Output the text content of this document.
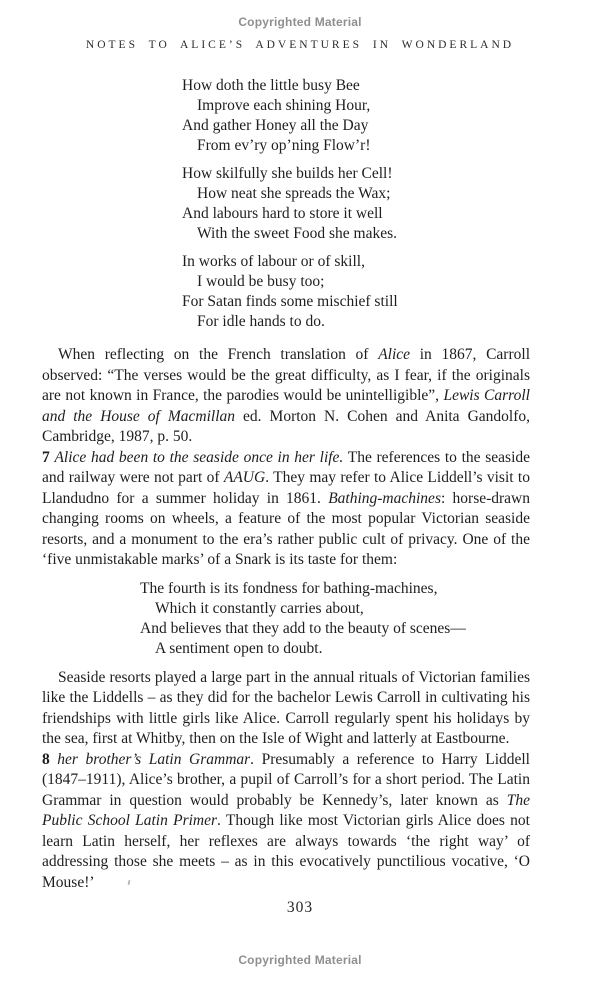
Copyrighted Material
NOTES TO ALICE’S ADVENTURES IN WONDERLAND
How doth the little busy Bee
Improve each shining Hour,
And gather Honey all the Day
From ev’ry op’ning Flow’r!
How skilfully she builds her Cell!
How neat she spreads the Wax;
And labours hard to store it well
With the sweet Food she makes.
In works of labour or of skill,
I would be busy too;
For Satan finds some mischief still
For idle hands to do.

When reflecting on the French translation of Alice in 1867, Carroll observed: “The verses would be the great difficulty, as I fear, if the originals are not known in France, the parodies would be unintelligible”, Lewis Carroll and the House of Macmillan ed. Morton N. Cohen and Anita Gandolfo, Cambridge, 1987, p. 50.

7 Alice had been to the seaside once in her life. The references to the seaside and railway were not part of AAUG. They may refer to Alice Liddell’s visit to Llandudno for a summer holiday in 1861. Bathing-machines: horse-drawn changing rooms on wheels, a feature of the most popular Victorian seaside resorts, and a monument to the era’s rather public cult of privacy. One of the ‘five unmistakable marks’ of a Snark is its taste for them:

The fourth is its fondness for bathing-machines,
Which it constantly carries about,
And believes that they add to the beauty of scenes—
A sentiment open to doubt.

Seaside resorts played a large part in the annual rituals of Victorian families like the Liddells – as they did for the bachelor Lewis Carroll in cultivating his friendships with little girls like Alice. Carroll regularly spent his holidays by the sea, first at Whitby, then on the Isle of Wight and latterly at Eastbourne.

8 her brother’s Latin Grammar. Presumably a reference to Harry Liddell (1847–1911), Alice’s brother, a pupil of Carroll’s for a short period. The Latin Grammar in question would probably be Kennedy’s, later known as The Public School Latin Primer. Though like most Victorian girls Alice does not learn Latin herself, her reflexes are always towards ‘the right way’ of addressing those she meets – as in this evocatively punctilious vocative, ‘O Mouse!’

303
Copyrighted Material
